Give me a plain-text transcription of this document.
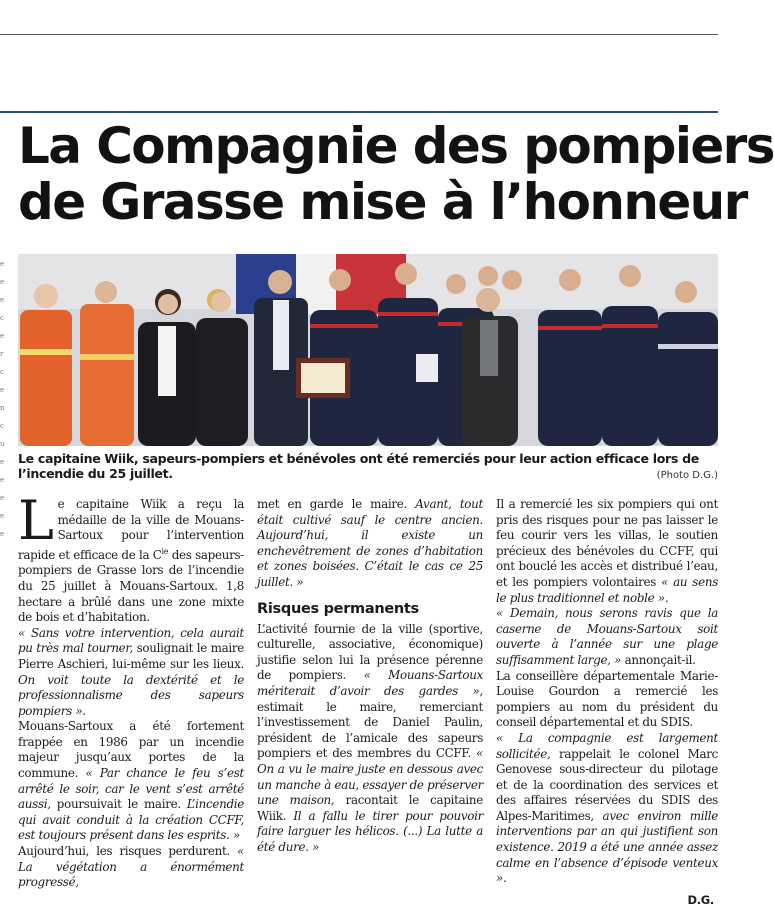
La Compagnie des pompiers
de Grasse mise à l’honneur
Le capitaine Wiik, sapeurs-pompiers et bénévoles ont été remerciés pour leur action efficace lors de l’incendie du 25 juillet.	(Photo D.G.)

Le capitaine Wiik a reçu la médaille de la ville de Mouans-Sartoux pour l’intervention rapide et efficace de la $C^{ie}$ des sapeurs-pompiers de Grasse lors de l’incendie du 25 juillet à Mouans-Sartoux. 1,8 hectare a brûlé dans une zone mixte de bois et d’habitation.

« Sans votre intervention, cela aurait pu très mal tourner, soulignait le maire Pierre Aschieri, lui-même sur les lieux. On voit toute la dextérité et le professionnalisme des sapeurs pompiers ».

Mouans-Sartoux a été fortement frappée en 1986 par un incendie majeur jusqu’aux portes de la commune. « Par chance le feu s’est arrêté le soir, car le vent s’est arrêté aussi, poursuivait le maire. L’incendie qui avait conduit à la création CCFF, est toujours présent dans les esprits. »

Aujourd’hui, les risques perdurent. « La végétation a énormément progressé,

met en garde le maire. Avant, tout était cultivé sauf le centre ancien. Aujourd’hui, il existe un enchevêtrement de zones d’habitation et zones boisées. C’était le cas ce 25 juillet. »

Risques permanents

L’activité fournie de la ville (sportive, culturelle, associative, économique) justifie selon lui la présence pérenne de pompiers. « Mouans-Sartoux mériterait d’avoir des gardes », estimait le maire, remerciant l’investissement de Daniel Paulin, président de l’amicale des sapeurs pompiers et des membres du CCFF. « On a vu le maire juste en dessous avec un manche à eau, essayer de préserver une maison, racontait le capitaine Wiik. Il a fallu le tirer pour pouvoir faire larguer les hélicos. (...) La lutte a été dure. »

Il a remercié les six pompiers qui ont pris des risques pour ne pas laisser le feu courir vers les villas, le soutien précieux des bénévoles du CCFF, qui ont bouclé les accès et distribué l’eau, et les pompiers volontaires « au sens le plus traditionnel et noble ».

« Demain, nous serons ravis que la caserne de Mouans-Sartoux soit ouverte à l’année sur une plage suffisamment large, » annonçait-il.

La conseillère départementale Marie-Louise Gourdon a remercié les pompiers au nom du président du conseil départemental et du SDIS.

« La compagnie est largement sollicitée, rappelait le colonel Marc Genovese sous-directeur du pilotage et de la coordination des services et des affaires réservées du SDIS des Alpes-Maritimes, avec environ mille interventions par an qui justifient son existence. 2019 a été une année assez calme en l’absence d’épisode venteux ».

D.G.
e e e c e r c e n c u e e e e e
